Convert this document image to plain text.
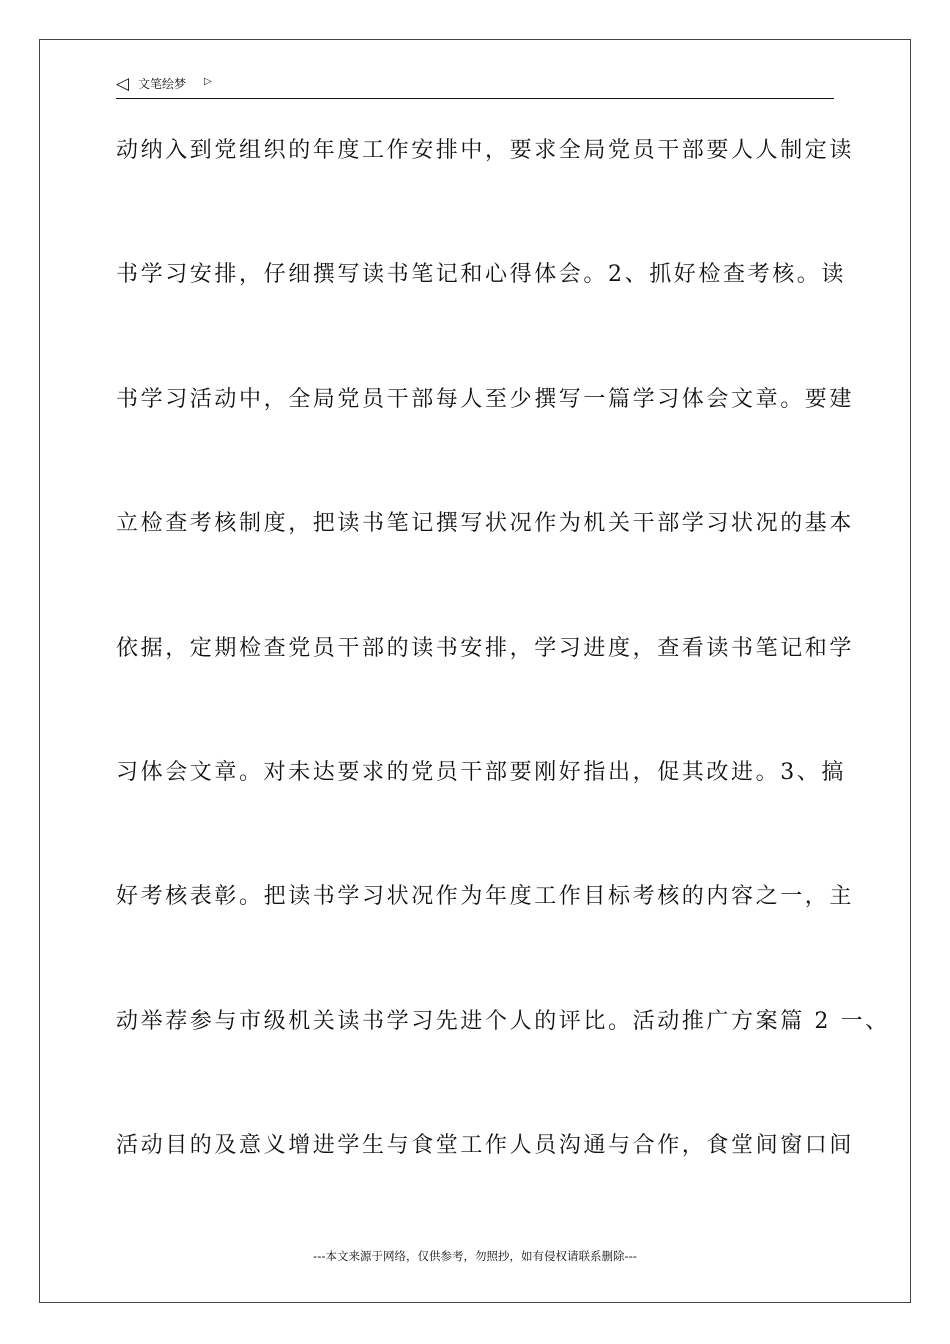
◁ 文笔绘梦 ▷
动纳入到党组织的年度工作安排中，要求全局党员干部要人人制定读
书学习安排，仔细撰写读书笔记和心得体会。2、抓好检查考核。读
书学习活动中，全局党员干部每人至少撰写一篇学习体会文章。要建
立检查考核制度，把读书笔记撰写状况作为机关干部学习状况的基本
依据，定期检查党员干部的读书安排，学习进度，查看读书笔记和学
习体会文章。对未达要求的党员干部要刚好指出，促其改进。3、搞
好考核表彰。把读书学习状况作为年度工作目标考核的内容之一，主
动举荐参与市级机关读书学习先进个人的评比。活动推广方案篇 2 一、
活动目的及意义增进学生与食堂工作人员沟通与合作，食堂间窗口间
---本文来源于网络，仅供参考，勿照抄，如有侵权请联系删除---
